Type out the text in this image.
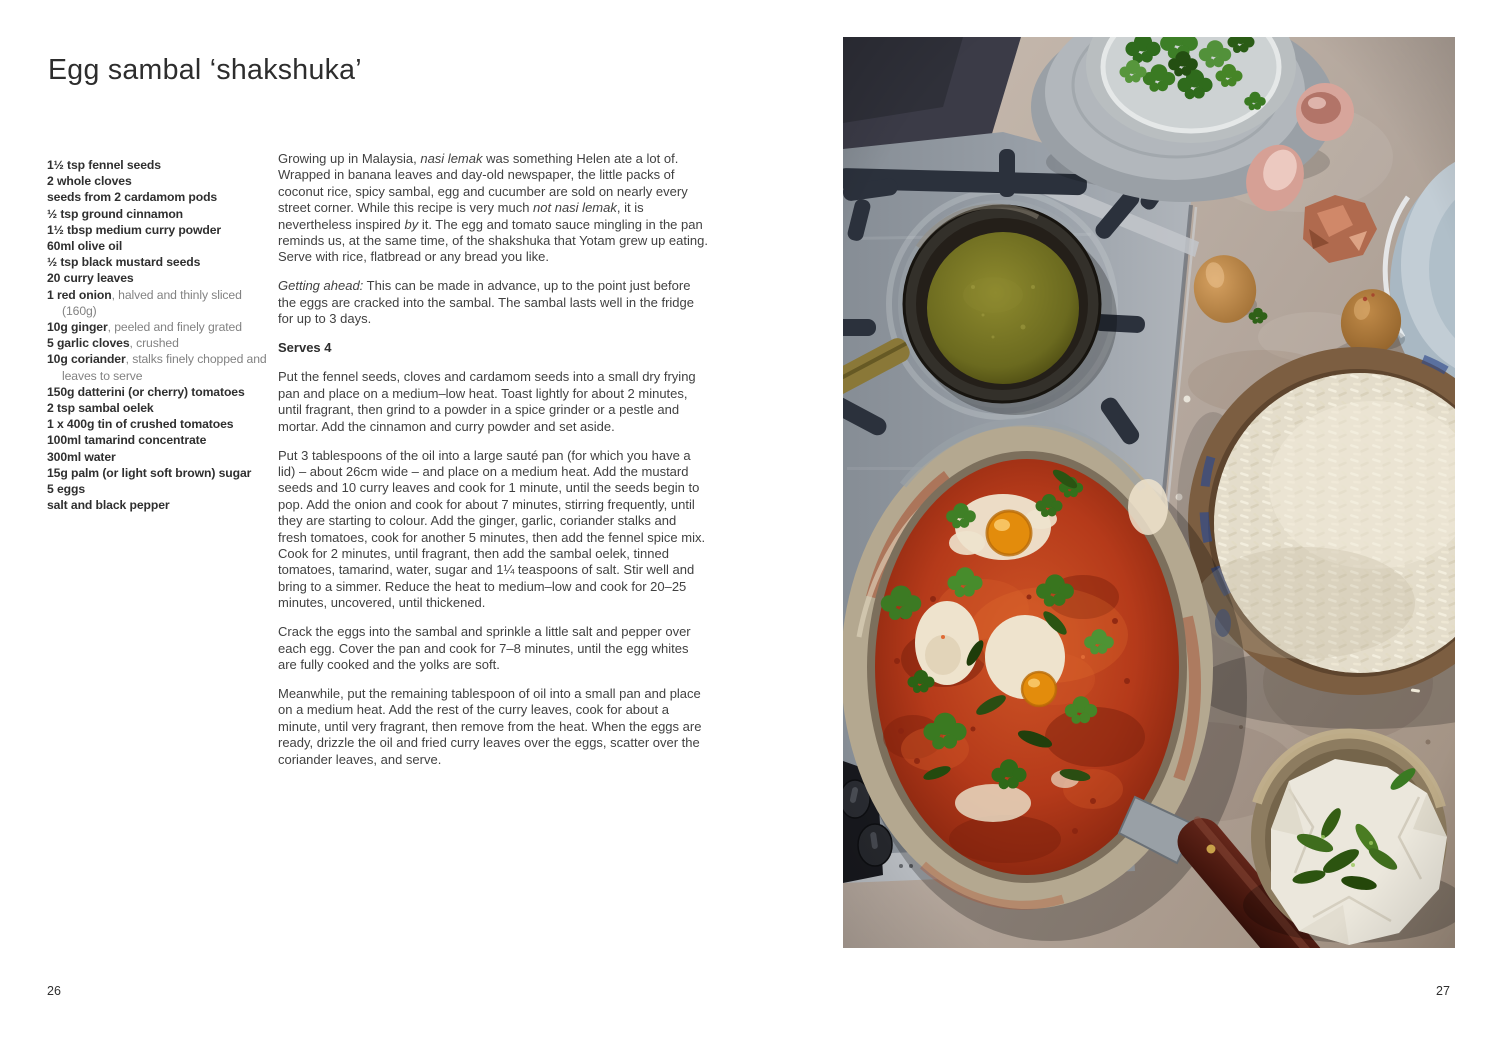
Egg sambal ‘shakshuka’
1½ tsp fennel seeds
2 whole cloves
seeds from 2 cardamom pods
½ tsp ground cinnamon
1½ tbsp medium curry powder
60ml olive oil
½ tsp black mustard seeds
20 curry leaves
1 red onion, halved and thinly sliced (160g)
10g ginger, peeled and finely grated
5 garlic cloves, crushed
10g coriander, stalks finely chopped and leaves to serve
150g datterini (or cherry) tomatoes
2 tsp sambal oelek
1 x 400g tin of crushed tomatoes
100ml tamarind concentrate
300ml water
15g palm (or light soft brown) sugar
5 eggs
salt and black pepper

Growing up in Malaysia, nasi lemak was something Helen ate a lot of. Wrapped in banana leaves and day-old newspaper, the little packs of coconut rice, spicy sambal, egg and cucumber are sold on nearly every street corner. While this recipe is very much not nasi lemak, it is nevertheless inspired by it. The egg and tomato sauce mingling in the pan reminds us, at the same time, of the shakshuka that Yotam grew up eating. Serve with rice, flatbread or any bread you like.

Getting ahead: This can be made in advance, up to the point just before the eggs are cracked into the sambal. The sambal lasts well in the fridge for up to 3 days.

Serves 4

Put the fennel seeds, cloves and cardamom seeds into a small dry frying pan and place on a medium–low heat. Toast lightly for about 2 minutes, until fragrant, then grind to a powder in a spice grinder or a pestle and mortar. Add the cinnamon and curry powder and set aside.

Put 3 tablespoons of the oil into a large sauté pan (for which you have a lid) – about 26cm wide – and place on a medium heat. Add the mustard seeds and 10 curry leaves and cook for 1 minute, until the seeds begin to pop. Add the onion and cook for about 7 minutes, stirring frequently, until they are starting to colour. Add the ginger, garlic, coriander stalks and fresh tomatoes, cook for another 5 minutes, then add the fennel spice mix. Cook for 2 minutes, until fragrant, then add the sambal oelek, tinned tomatoes, tamarind, water, sugar and 1¼ teaspoons of salt. Stir well and bring to a simmer. Reduce the heat to medium–low and cook for 20–25 minutes, uncovered, until thickened.

Crack the eggs into the sambal and sprinkle a little salt and pepper over each egg. Cover the pan and cook for 7–8 minutes, until the egg whites are fully cooked and the yolks are soft.

Meanwhile, put the remaining tablespoon of oil into a small pan and place on a medium heat. Add the rest of the curry leaves, cook for about a minute, until very fragrant, then remove from the heat. When the eggs are ready, drizzle the oil and fried curry leaves over the eggs, scatter over the coriander leaves, and serve.

26	27
